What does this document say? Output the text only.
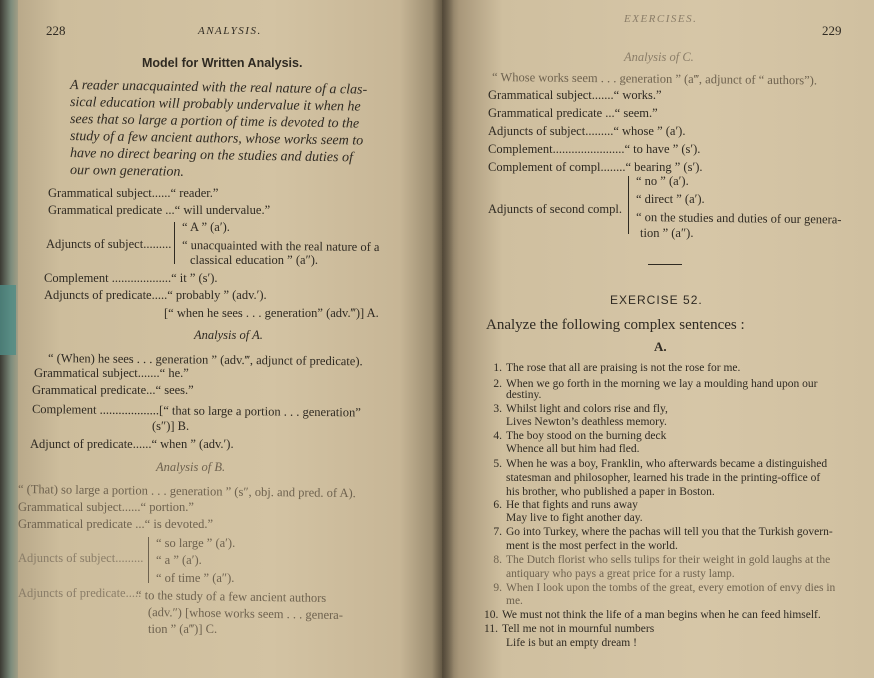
228	ANALYSIS.
Model for Written Analysis.
A reader unacquainted with the real nature of a clas-
sical education will probably undervalue it when he
sees that so large a portion of time is devoted to the
study of a few ancient authors, whose works seem to
have no direct bearing on the studies and duties of
our own generation.
Grammatical subject......“ reader.”
Grammatical predicate ...“ will undervalue.”
Adjuncts of subject.........
“ A ” (a′).
“ unacquainted with the real nature of a
classical education ” (a″).
Complement ...................“ it ” (s′).
Adjuncts of predicate.....“ probably ” (adv.′).
[“ when he sees . . . generation” (adv.‴)] A.
Analysis of A.
“ (When) he sees . . . generation ” (adv.‴, adjunct of predicate).
Grammatical subject.......“ he.”
Grammatical predicate...“ sees.”
Complement ...................[“ that so large a portion . . . generation”
(s″)] B.
Adjunct of predicate......“ when ” (adv.′).
Analysis of B.
“ (That) so large a portion . . . generation ” (s″, obj. and pred. of A).
Grammatical subject......“ portion.”
Grammatical predicate ...“ is devoted.”
Adjuncts of subject.........
“ so large ” (a′).
“ a ” (a′).
“ of time ” (a″).
Adjuncts of predicate.....
“ to the study of a few ancient authors
(adv.″) [whose works seem . . . genera-
tion ” (a‴)] C.
EXERCISES.
229
Analysis of C.
“ Whose works seem . . . generation ” (a‴, adjunct of “ authors”).
Grammatical subject.......“ works.”
Grammatical predicate ...“ seem.”
Adjuncts of subject.........“ whose ” (a′).
Complement.......................“ to have ” (s′).
Complement of compl........“ bearing ” (s′).
Adjuncts of second compl.
“ no ” (a′).
“ direct ” (a′).
“ on the studies and duties of our genera-
tion ” (a″).
EXERCISE 52.
Analyze the following complex sentences :
A.
1. The rose that all are praising is not the rose for me.
2. When we go forth in the morning we lay a moulding hand upon our
destiny.
3. Whilst light and colors rise and fly,
Lives Newton’s deathless memory.
4. The boy stood on the burning deck
Whence all but him had fled.
5. When he was a boy, Franklin, who afterwards became a distinguished
statesman and philosopher, learned his trade in the printing-office of
his brother, who published a paper in Boston.
6. He that fights and runs away
May live to fight another day.
7. Go into Turkey, where the pachas will tell you that the Turkish govern-
ment is the most perfect in the world.
8. The Dutch florist who sells tulips for their weight in gold laughs at the
antiquary who pays a great price for a rusty lamp.
9. When I look upon the tombs of the great, every emotion of envy dies in
me.
10. We must not think the life of a man begins when he can feed himself.
11. Tell me not in mournful numbers
Life is but an empty dream !
